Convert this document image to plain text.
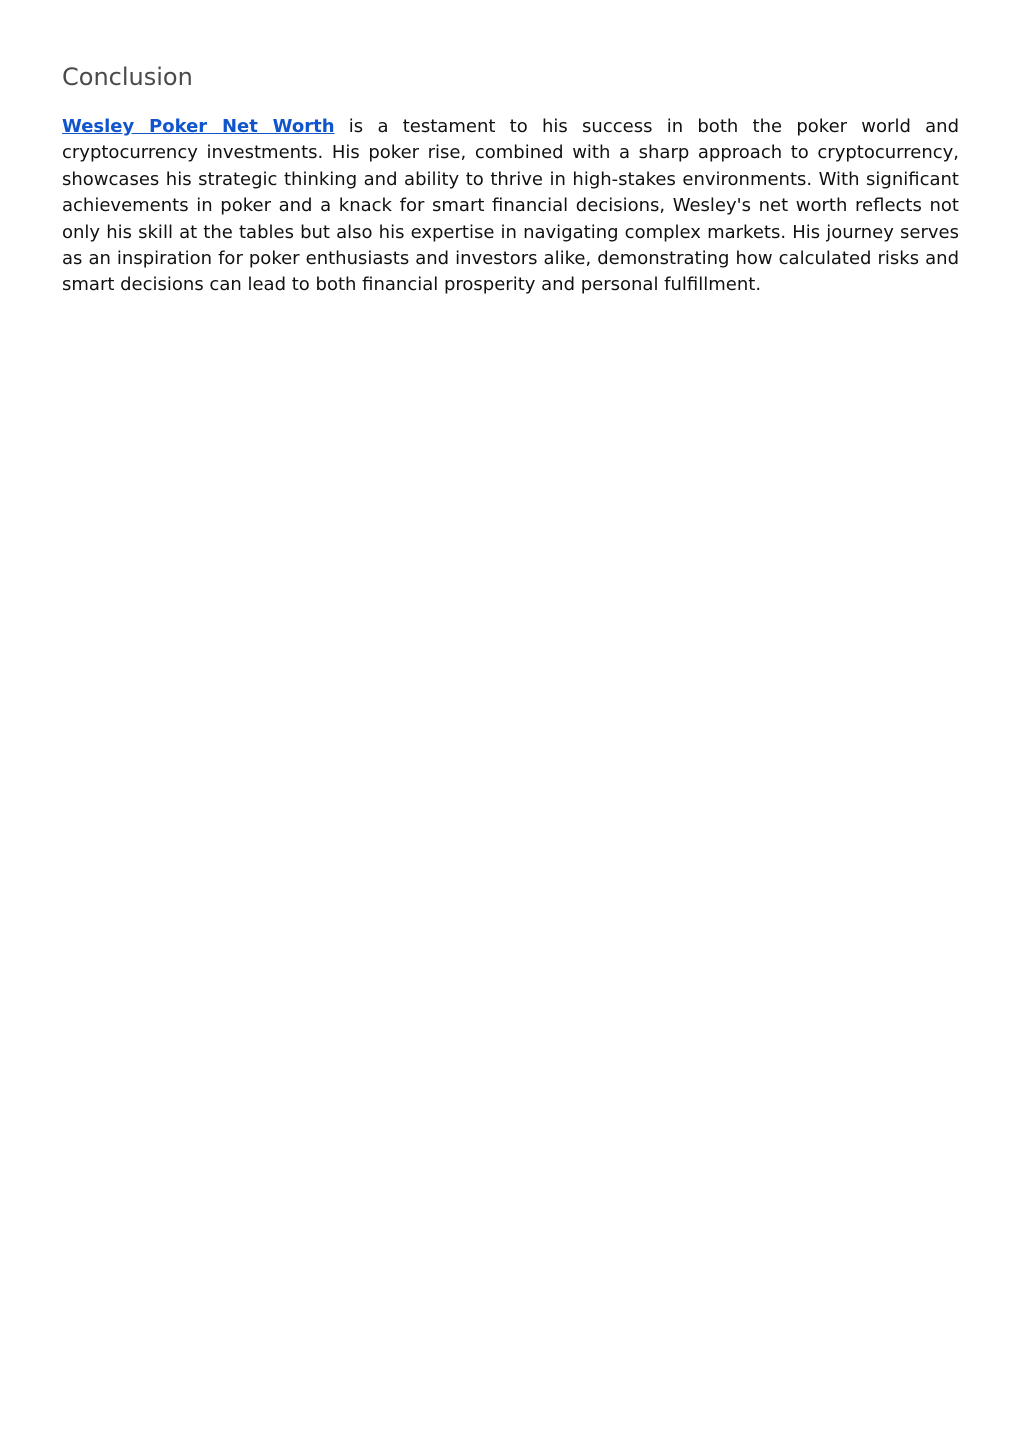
Conclusion

Wesley Poker Net Worth is a testament to his success in both the poker world and cryptocurrency investments. His poker rise, combined with a sharp approach to cryptocurrency, showcases his strategic thinking and ability to thrive in high-stakes environments. With significant achievements in poker and a knack for smart financial decisions, Wesley's net worth reflects not only his skill at the tables but also his expertise in navigating complex markets. His journey serves as an inspiration for poker enthusiasts and investors alike, demonstrating how calculated risks and smart decisions can lead to both financial prosperity and personal fulfillment.
